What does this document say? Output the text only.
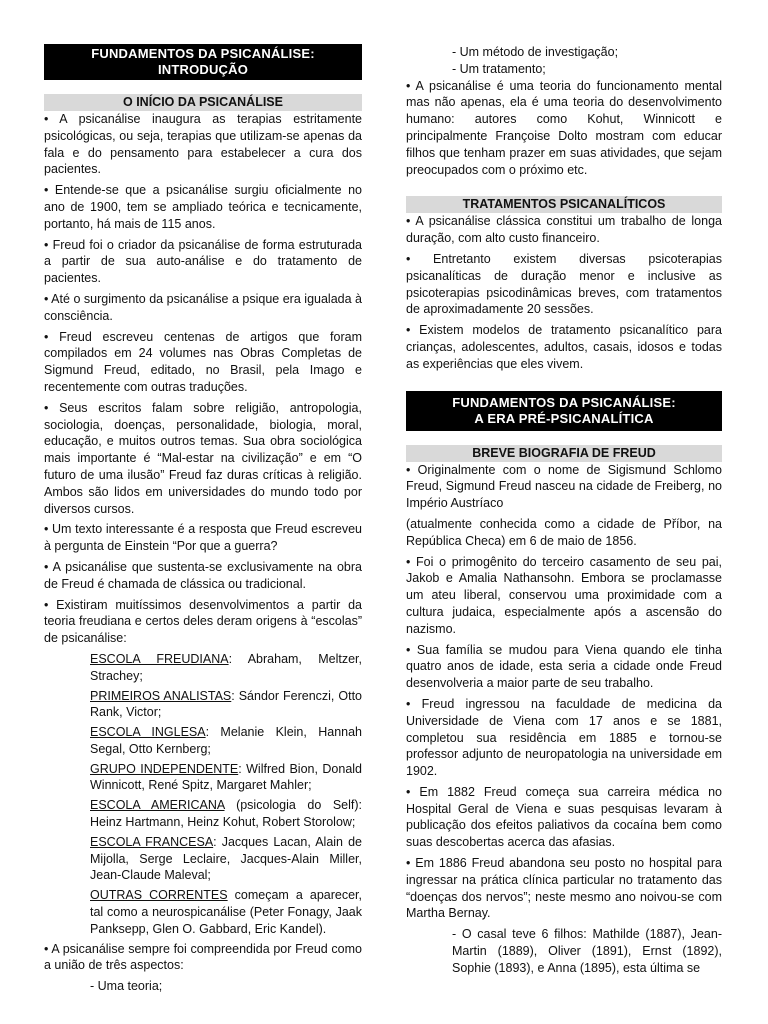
FUNDAMENTOS DA PSICANÁLISE: INTRODUÇÃO
O INÍCIO DA PSICANÁLISE

• A psicanálise inaugura as terapias estritamente psicológicas, ou seja, terapias que utilizam-se apenas da fala e do pensamento para estabelecer a cura dos pacientes.

• Entende-se que a psicanálise surgiu oficialmente no ano de 1900, tem se ampliado teórica e tecnicamente, portanto, há mais de 115 anos.

• Freud foi o criador da psicanálise de forma estruturada a partir de sua auto-análise e do tratamento de pacientes.

• Até o surgimento da psicanálise a psique era igualada à consciência.

• Freud escreveu centenas de artigos que foram compilados em 24 volumes nas Obras Completas de Sigmund Freud, editado, no Brasil, pela Imago e recentemente com outras traduções.

• Seus escritos falam sobre religião, antropologia, sociologia, doenças, personalidade, biologia, moral, educação, e muitos outros temas. Sua obra sociológica mais importante é “Mal-estar na civilização” e em “O futuro de uma ilusão” Freud faz duras críticas à religião. Ambos são lidos em universidades do mundo todo por diversos cursos.

• Um texto interessante é a resposta que Freud escreveu à pergunta de Einstein “Por que a guerra?

• A psicanálise que sustenta-se exclusivamente na obra de Freud é chamada de clássica ou tradicional.

• Existiram muitíssimos desenvolvimentos a partir da teoria freudiana e certos deles deram origens à “escolas” de psicanálise:

ESCOLA FREUDIANA: Abraham, Meltzer, Strachey;

PRIMEIROS ANALISTAS: Sándor Ferenczi, Otto Rank, Victor;

ESCOLA INGLESA: Melanie Klein, Hannah Segal, Otto Kernberg;

GRUPO INDEPENDENTE: Wilfred Bion, Donald Winnicott, René Spitz, Margaret Mahler;

ESCOLA AMERICANA (psicologia do Self): Heinz Hartmann, Heinz Kohut, Robert Storolow;

ESCOLA FRANCESA: Jacques Lacan, Alain de Mijolla, Serge Leclaire, Jacques-Alain Miller, Jean-Claude Maleval;

OUTRAS CORRENTES começam a aparecer, tal como a neurospicanálise (Peter Fonagy, Jaak Panksepp, Glen O. Gabbard, Eric Kandel).

• A psicanálise sempre foi compreendida por Freud como a união de três aspectos:

- Uma teoria;

- Um método de investigação;

- Um tratamento;

• A psicanálise é uma teoria do funcionamento mental mas não apenas, ela é uma teoria do desenvolvimento humano: autores como Kohut, Winnicott e principalmente Françoise Dolto mostram com educar filhos que tenham prazer em suas atividades, que sejam preocupados com o próximo etc.

TRATAMENTOS PSICANALÍTICOS

• A psicanálise clássica constitui um trabalho de longa duração, com alto custo financeiro.

• Entretanto existem diversas psicoterapias psicanalíticas de duração menor e inclusive as psicoterapias psicodinâmicas breves, com tratamentos de aproximadamente 20 sessões.

• Existem modelos de tratamento psicanalítico para crianças, adolescentes, adultos, casais, idosos e todas as experiências que eles vivem.

FUNDAMENTOS DA PSICANÁLISE:
A ERA PRÉ-PSICANALÍTICA
BREVE BIOGRAFIA DE FREUD

• Originalmente com o nome de Sigismund Schlomo Freud, Sigmund Freud nasceu na cidade de Freiberg, no Império Austríaco

(atualmente conhecida como a cidade de Příbor, na República Checa) em 6 de maio de 1856.

• Foi o primogênito do terceiro casamento de seu pai, Jakob e Amalia Nathansohn. Embora se proclamasse um ateu liberal, conservou uma proximidade com a cultura judaica, especialmente após a ascensão do nazismo.

• Sua família se mudou para Viena quando ele tinha quatro anos de idade, esta seria a cidade onde Freud desenvolveria a maior parte de seu trabalho.

• Freud ingressou na faculdade de medicina da Universidade de Viena com 17 anos e se 1881, completou sua residência em 1885 e tornou-se professor adjunto de neuropatologia na universidade em 1902.

• Em 1882 Freud começa sua carreira médica no Hospital Geral de Viena e suas pesquisas levaram à publicação dos efeitos paliativos da cocaína bem como suas descobertas acerca das afasias.

• Em 1886 Freud abandona seu posto no hospital para ingressar na prática clínica particular no tratamento das “doenças dos nervos”; neste mesmo ano noivou-se com Martha Bernay.

- O casal teve 6 filhos: Mathilde (1887), Jean-Martin (1889), Oliver (1891), Ernst (1892), Sophie (1893), e Anna (1895), esta última se
